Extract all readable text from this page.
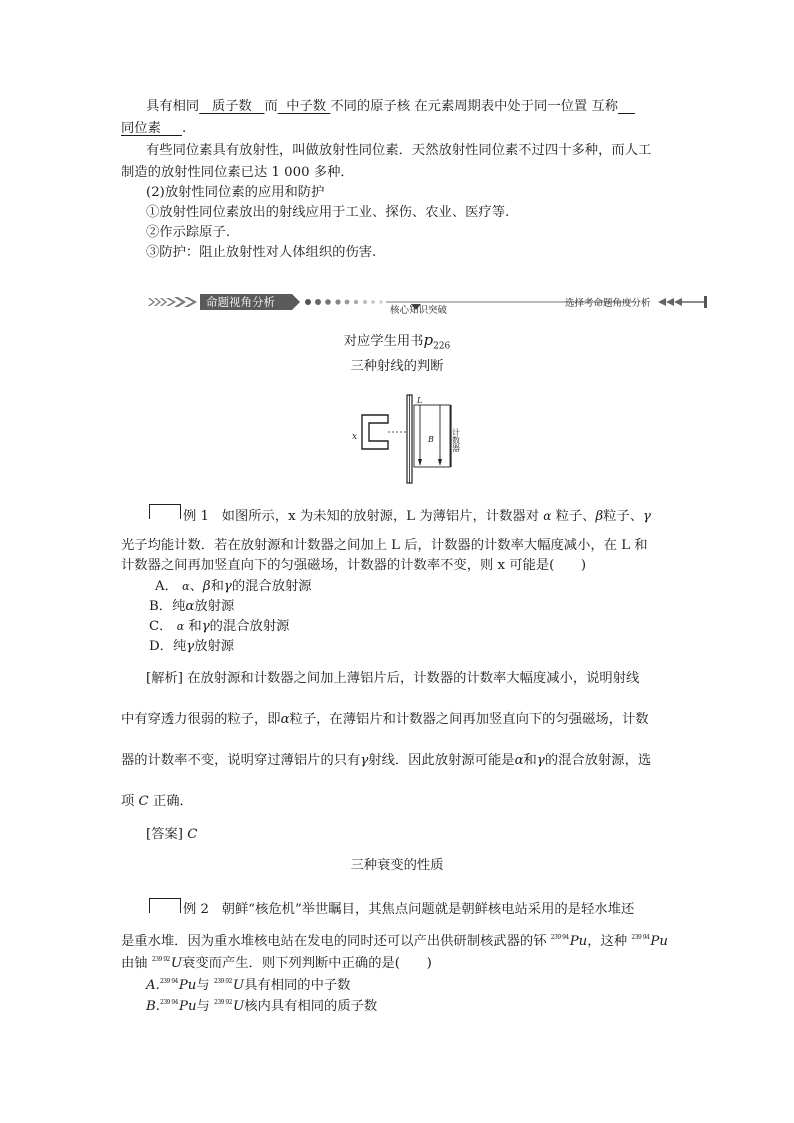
具有相同 质子数 而 中子数 不同的原子核 在元素周期表中处于同一位置 互称
同位素 .
有些同位素具有放射性，叫做放射性同位素．天然放射性同位素不过四十多种，而人工
制造的放射性同位素已达 1 000 多种．
(2)放射性同位素的应用和防护
①放射性同位素放出的射线应用于工业、探伤、农业、医疗等.
②作示踪原子.
③防护：阻止放射性对人体组织的伤害.
命题视角分析
核心知识突破
选择考命题角度分析
对应学生用书$p_{226}$
三种射线的判断
x
L
B 计数器
例 1 如图所示，x 为未知的放射源，L 为薄铝片，计数器对 α 粒子、β粒子、γ
光子均能计数．若在放射源和计数器之间加上 L 后，计数器的计数率大幅度减小，在 L 和
计数器之间再加竖直向下的匀强磁场，计数器的计数率不变，则 x 可能是(　　)
A． α、β和γ的混合放射源
B．纯α放射源
C． α 和γ的混合放射源
D．纯γ放射源
[解析] 在放射源和计数器之间加上薄铝片后，计数器的计数率大幅度减小，说明射线
中有穿透力很弱的粒子，即α粒子，在薄铝片和计数器之间再加竖直向下的匀强磁场，计数
器的计数率不变，说明穿过薄铝片的只有γ射线．因此放射源可能是α和γ的混合放射源，选
项 C 正确．
[答案] C
三种衰变的性质
例 2 朝鲜“核危机”举世瞩目，其焦点问题就是朝鲜核电站采用的是轻水堆还
是重水堆．因为重水堆核电站在发电的同时还可以产出供研制核武器的钚 $^{239 94}$Pu，这种 $^{239 94}$Pu
由铀 $^{239 92}$U衰变而产生．则下列判断中正确的是(　　)
A.$^{239 94}$Pu与 $^{239 92}$U具有相同的中子数
B.$^{239 94}$Pu与 $^{239 92}$U核内具有相同的质子数
